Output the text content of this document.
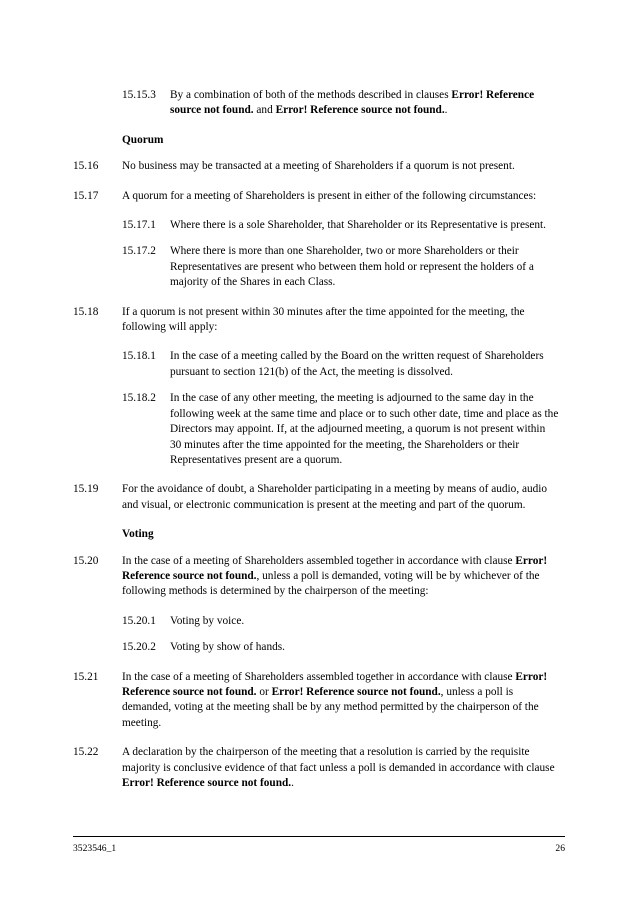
15.15.3	By a combination of both of the methods described in clauses Error! Reference source not found. and Error! Reference source not found..
Quorum
15.16	No business may be transacted at a meeting of Shareholders if a quorum is not present.
15.17	A quorum for a meeting of Shareholders is present in either of the following circumstances:
15.17.1	Where there is a sole Shareholder, that Shareholder or its Representative is present.
15.17.2	Where there is more than one Shareholder, two or more Shareholders or their Representatives are present who between them hold or represent the holders of a majority of the Shares in each Class.
15.18	If a quorum is not present within 30 minutes after the time appointed for the meeting, the following will apply:
15.18.1	In the case of a meeting called by the Board on the written request of Shareholders pursuant to section 121(b) of the Act, the meeting is dissolved.
15.18.2	In the case of any other meeting, the meeting is adjourned to the same day in the following week at the same time and place or to such other date, time and place as the Directors may appoint. If, at the adjourned meeting, a quorum is not present within 30 minutes after the time appointed for the meeting, the Shareholders or their Representatives present are a quorum.
15.19	For the avoidance of doubt, a Shareholder participating in a meeting by means of audio, audio and visual, or electronic communication is present at the meeting and part of the quorum.
Voting
15.20	In the case of a meeting of Shareholders assembled together in accordance with clause Error! Reference source not found., unless a poll is demanded, voting will be by whichever of the following methods is determined by the chairperson of the meeting:
15.20.1	Voting by voice.
15.20.2	Voting by show of hands.
15.21	In the case of a meeting of Shareholders assembled together in accordance with clause Error! Reference source not found. or Error! Reference source not found., unless a poll is demanded, voting at the meeting shall be by any method permitted by the chairperson of the meeting.
15.22	A declaration by the chairperson of the meeting that a resolution is carried by the requisite majority is conclusive evidence of that fact unless a poll is demanded in accordance with clause Error! Reference source not found..
3523546_1	26
